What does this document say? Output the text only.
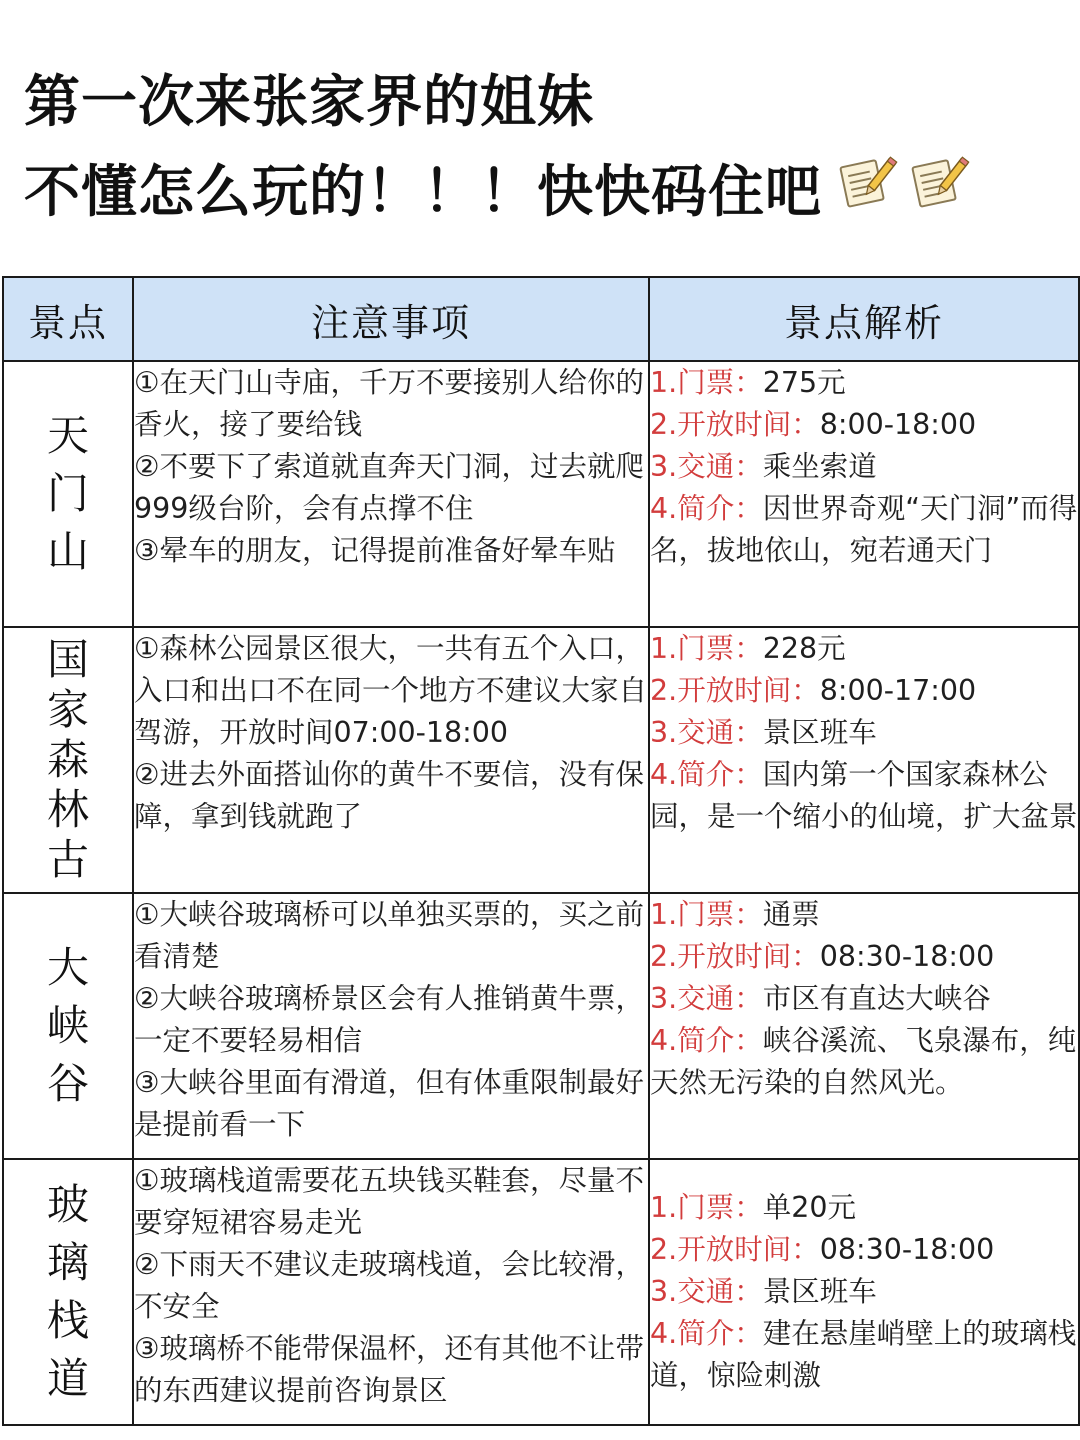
第一次来张家界的姐妹
不懂怎么玩的！！！快快码住吧
景点	注意事项	景点解析
天门山	①在天门山寺庙，千万不要接别人给你的香火，接了要给钱
②不要下了索道就直奔天门洞，过去就爬999级台阶，会有点撑不住
③晕车的朋友，记得提前准备好晕车贴	1.门票：275元
2.开放时间：8:00-18:00
3.交通：乘坐索道
4.简介：因世界奇观“天门洞”而得名，拔地依山，宛若通天门

国家森林古	①森林公园景区很大，一共有五个入口，入口和出口不在同一个地方不建议大家自驾游，开放时间07:00-18:00
②进去外面搭讪你的黄牛不要信，没有保障，拿到钱就跑了	1.门票：228元
2.开放时间：8:00-17:00
3.交通：景区班车
4.简介：国内第一个国家森林公园，是一个缩小的仙境，扩大盆景

大峡谷	①大峡谷玻璃桥可以单独买票的，买之前看清楚
②大峡谷玻璃桥景区会有人推销黄牛票，一定不要轻易相信
③大峡谷里面有滑道，但有体重限制最好是提前看一下	1.门票：通票
2.开放时间：08:30-18:00
3.交通：市区有直达大峡谷
4.简介：峡谷溪流、飞泉瀑布，纯天然无污染的自然风光。

玻璃栈道	①玻璃栈道需要花五块钱买鞋套，尽量不要穿短裙容易走光
②下雨天不建议走玻璃栈道，会比较滑，不安全
③玻璃桥不能带保温杯，还有其他不让带的东西建议提前咨询景区	1.门票：单20元
2.开放时间：08:30-18:00
3.交通：景区班车
4.简介：建在悬崖峭壁上的玻璃栈道，惊险刺激
